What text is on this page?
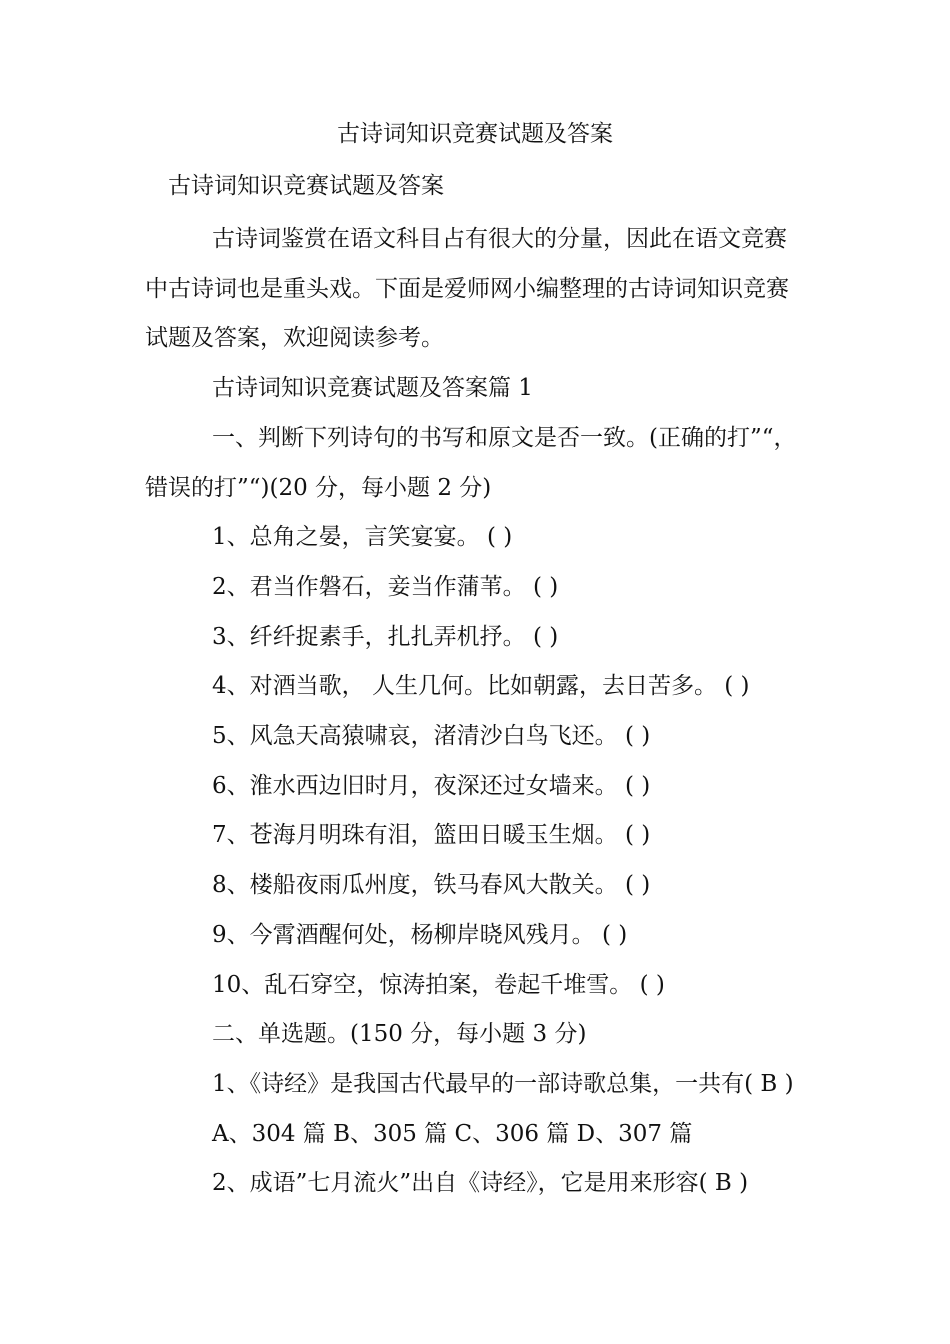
古诗词知识竞赛试题及答案
古诗词知识竞赛试题及答案

古诗词鉴赏在语文科目占有很大的分量，因此在语文竞赛

中古诗词也是重头戏。下面是爱师网小编整理的古诗词知识竞赛

试题及答案，欢迎阅读参考。

古诗词知识竞赛试题及答案篇 1

一、判断下列诗句的书写和原文是否一致。(正确的打”“，

错误的打”“)(20 分，每小题 2 分)

1、总角之晏，言笑宴宴。 ( )

2、君当作磐石，妾当作蒲苇。 ( )

3、纤纤捉素手，扎扎弄机抒。 ( )

4、对酒当歌， 人生几何。比如朝露，去日苦多。 ( )

5、风急天高猿啸哀，渚清沙白鸟飞还。 ( )

6、淮水西边旧时月，夜深还过女墙来。 ( )

7、苍海月明珠有泪，篮田日暖玉生烟。 ( )

8、楼船夜雨瓜州度，铁马春风大散关。 ( )

9、今霄酒醒何处，杨柳岸晓风残月。 ( )

10、乱石穿空，惊涛拍案，卷起千堆雪。 ( )

二、单选题。(150 分，每小题 3 分)

1、《诗经》是我国古代最早的一部诗歌总集，一共有( B )

A、304 篇 B、305 篇 C、306 篇 D、307 篇

2、成语”七月流火”出自《诗经》，它是用来形容( B )
